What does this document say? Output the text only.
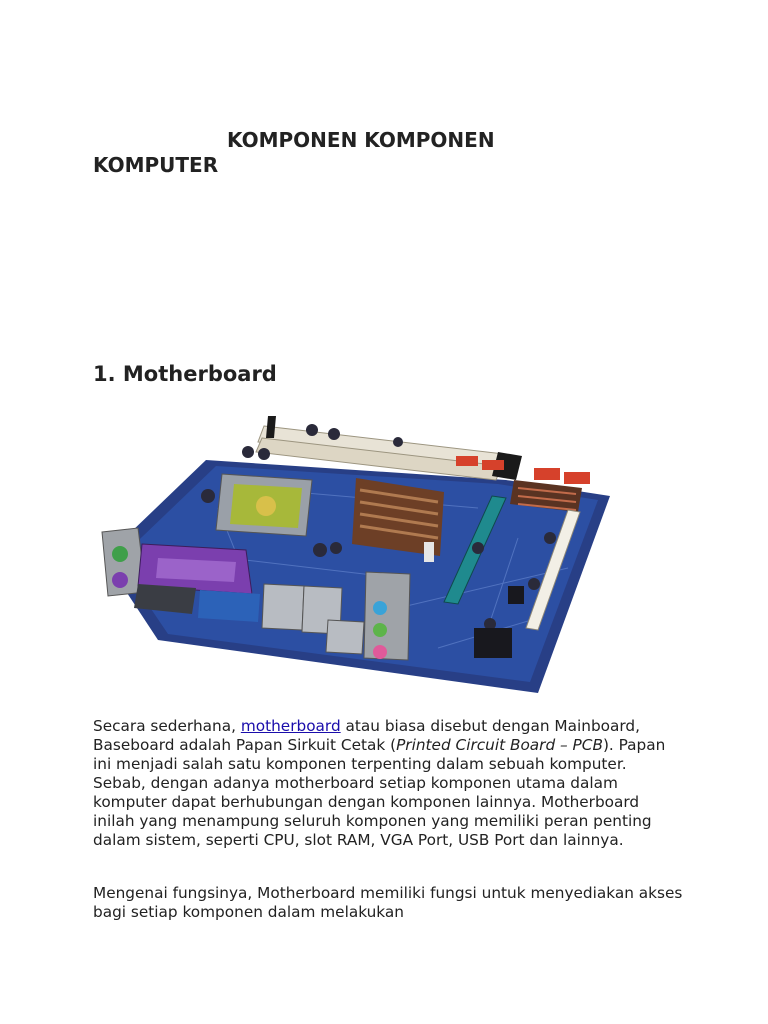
KOMPONEN KOMPONEN
KOMPUTER
1. Motherboard

Secara sederhana, motherboard atau biasa disebut dengan Mainboard, Baseboard adalah Papan Sirkuit Cetak (Printed Circuit Board – PCB). Papan ini menjadi salah satu komponen terpenting dalam sebuah komputer. Sebab, dengan adanya motherboard setiap komponen utama dalam komputer dapat berhubungan dengan komponen lainnya. Motherboard inilah yang menampung seluruh komponen yang memiliki peran penting dalam sistem, seperti CPU, slot RAM, VGA Port, USB Port dan lainnya.

Mengenai fungsinya, Motherboard memiliki fungsi untuk menyediakan akses bagi setiap komponen dalam melakukan
